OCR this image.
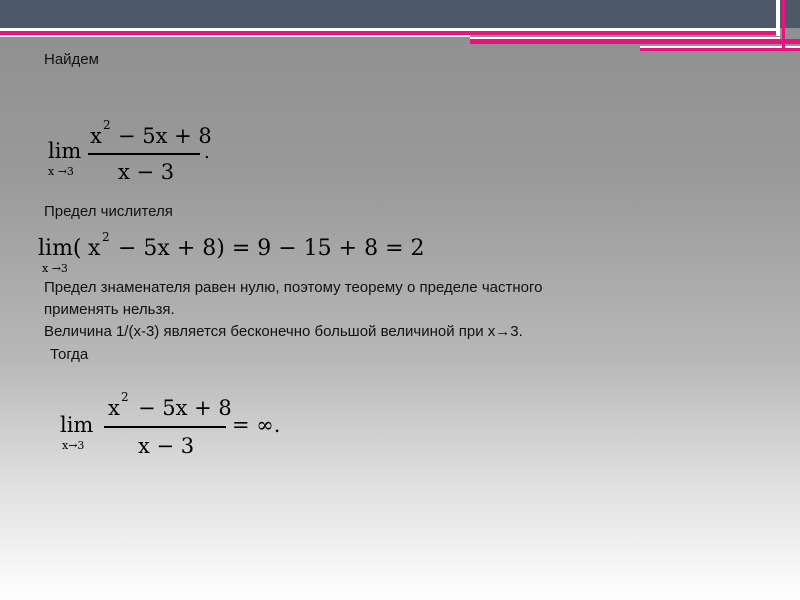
Найдем
lim
x →3
x 2 − 5x + 8
x − 3
.
Предел числителя
lim(
x →3
x 2 − 5x + 8) = 9 − 15 + 8 = 2
Предел знаменателя равен нулю, поэтому теорему о пределе частного
применять нельзя.
Величина 1/(x-3) является бесконечно большой величиной при x→3.
Тогда
lim
x→3
x 2 − 5x + 8
x − 3
= ∞.
